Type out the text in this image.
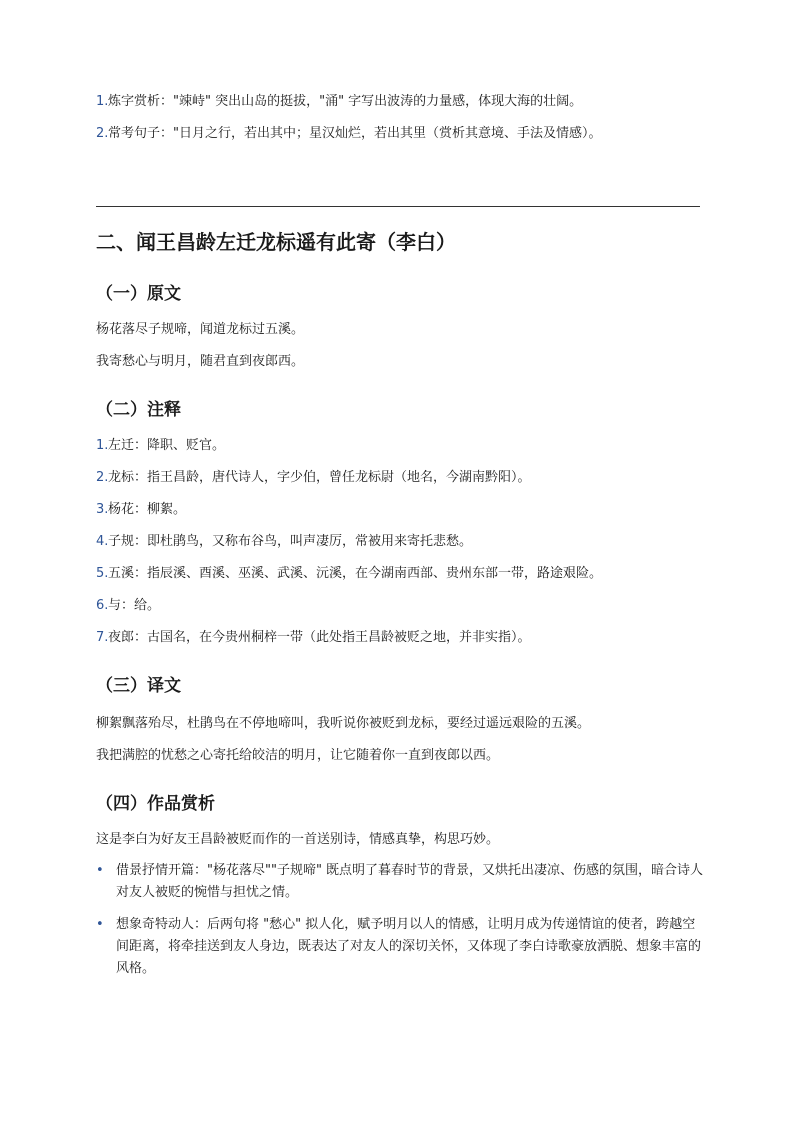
1. 炼字赏析："竦峙" 突出山岛的挺拔，"涌" 字写出波涛的力量感，体现大海的壮阔。
2. 常考句子："日月之行，若出其中；星汉灿烂，若出其里（赏析其意境、手法及情感）。
二、闻王昌龄左迁龙标遥有此寄（李白）
（一）原文

杨花落尽子规啼，闻道龙标过五溪。

我寄愁心与明月，随君直到夜郎西。

（二）注释
1. 左迁：降职、贬官。
2. 龙标：指王昌龄，唐代诗人，字少伯，曾任龙标尉（地名，今湖南黔阳）。
3. 杨花：柳絮。
4. 子规：即杜鹃鸟，又称布谷鸟，叫声凄厉，常被用来寄托悲愁。
5. 五溪：指辰溪、酉溪、巫溪、武溪、沅溪，在今湖南西部、贵州东部一带，路途艰险。
6. 与：给。
7. 夜郎：古国名，在今贵州桐梓一带（此处指王昌龄被贬之地，并非实指）。
（三）译文

柳絮飘落殆尽，杜鹃鸟在不停地啼叫，我听说你被贬到龙标，要经过遥远艰险的五溪。

我把满腔的忧愁之心寄托给皎洁的明月，让它随着你一直到夜郎以西。

（四）作品赏析

这是李白为好友王昌龄被贬而作的一首送别诗，情感真挚，构思巧妙。

• 借景抒情开篇："杨花落尽""子规啼" 既点明了暮春时节的背景，又烘托出凄凉、伤感的氛围，暗合诗人对友人被贬的惋惜与担忧之情。
• 想象奇特动人：后两句将 "愁心" 拟人化，赋予明月以人的情感，让明月成为传递情谊的使者，跨越空间距离，将牵挂送到友人身边，既表达了对友人的深切关怀，又体现了李白诗歌豪放洒脱、想象丰富的风格。
